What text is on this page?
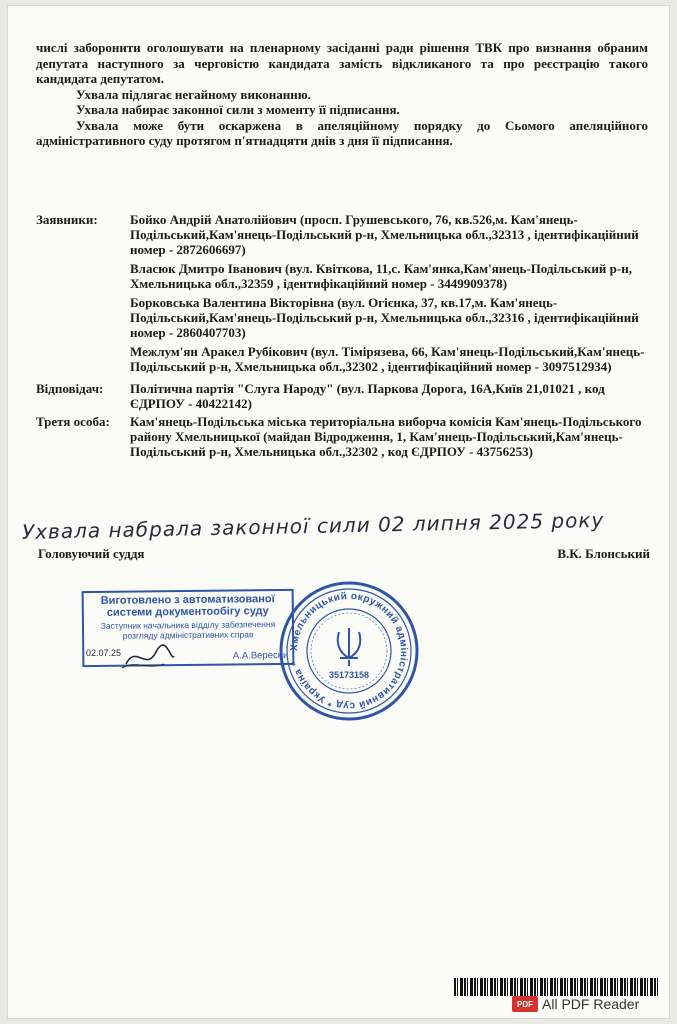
числі заборонити оголошувати на пленарному засіданні ради рішення ТВК про визнання обраним депутата наступного за черговістю кандидата замість відкликаного та про реєстрацію такого кандидата депутатом.

Ухвала підлягає негайному виконанню.

Ухвала набирає законної сили з моменту її підписання.

Ухвала може бути оскаржена в апеляційному порядку до Сьомого апеляційного адміністративного суду протягом п'ятнадцяти днів з дня її підписання.

Заявники:	Бойко Андрій Анатолійович (просп. Грушевського, 76, кв.526,м. Кам'янець-Подільський,Кам'янець-Подільський р-н, Хмельницька обл.,32313 , ідентифікаційний номер - 2872606697)
Власюк Дмитро Іванович (вул. Квіткова, 11,с. Кам'янка,Кам'янець-Подільський р-н, Хмельницька обл.,32359 , ідентифікаційний номер - 3449909378)
Борковська Валентина Вікторівна (вул. Огієнка, 37, кв.17,м. Кам'янець-Подільський,Кам'янець-Подільський р-н, Хмельницька обл.,32316 , ідентифікаційний номер - 2860407703)
Межлум'ян Аракел Рубікович (вул. Тімірязева, 66, Кам'янець-Подільський,Кам'янець-Подільський р-н, Хмельницька обл.,32302 , ідентифікаційний номер - 3097512934)
Відповідач:	Політична партія "Слуга Народу" (вул. Паркова Дорога, 16А,Київ 21,01021 , код ЄДРПОУ - 40422142)
Третя особа:	Кам'янець-Подільська міська територіальна виборча комісія Кам'янець-Подільського району Хмельницької (майдан Відродження, 1, Кам'янець-Подільський,Кам'янець-Подільський р-н, Хмельницька обл.,32302 , код ЄДРПОУ - 43756253)
Ухвала набрала законної сили 02 липня 2025 року
Головуючий суддя	В.К. Блонський
Виготовлено з автоматизованої системи документообігу суду
Заступник начальника відділу забезпечення розгляду адміністративних справ
А.А.Вересни
02.07.25
Хмельницький окружний адміністративний суд * Україна *
35173158
PDF All PDF Reader
